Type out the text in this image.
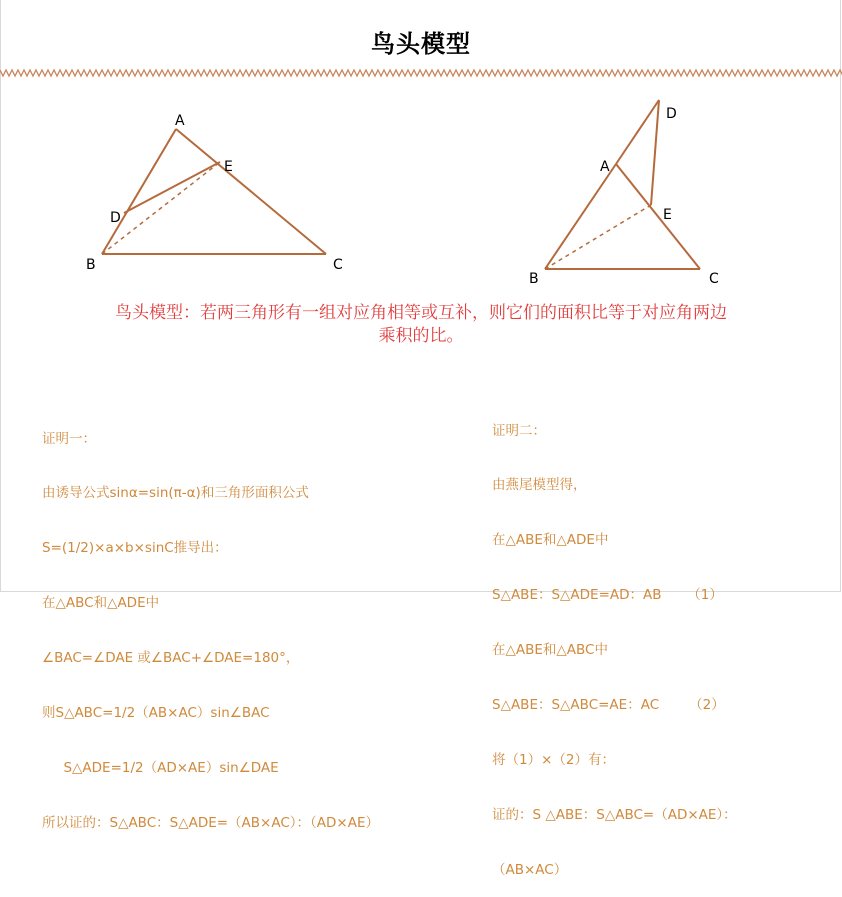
鸟头模型
A
B	C
D
E	A
B	C
D
E
鸟头模型：若两三角形有一组对应角相等或互补，则它们的面积比等于对应角两边
乘积的比。

证明一：

由诱导公式sinα=sin(π-α)和三角形面积公式

S=(1/2)×a×b×sinC推导出：

在△ABC和△ADE中

∠BAC=∠DAE 或∠BAC+∠DAE=180°，

则S△ABC=1/2（AB×AC）sin∠BAC

S△ADE=1/2（AD×AE）sin∠DAE

所以证的：S△ABC：S△ADE=（AB×AC）：（AD×AE）

证明二：

由燕尾模型得，

在△ABE和△ADE中

S△ABE：S△ADE=AD：AB      （1）

在△ABE和△ABC中

S△ABE：S△ABC=AE：AC       （2）

将（1）×（2）有：

证的：S △ABE：S△ABC=（AD×AE）：

（AB×AC）
